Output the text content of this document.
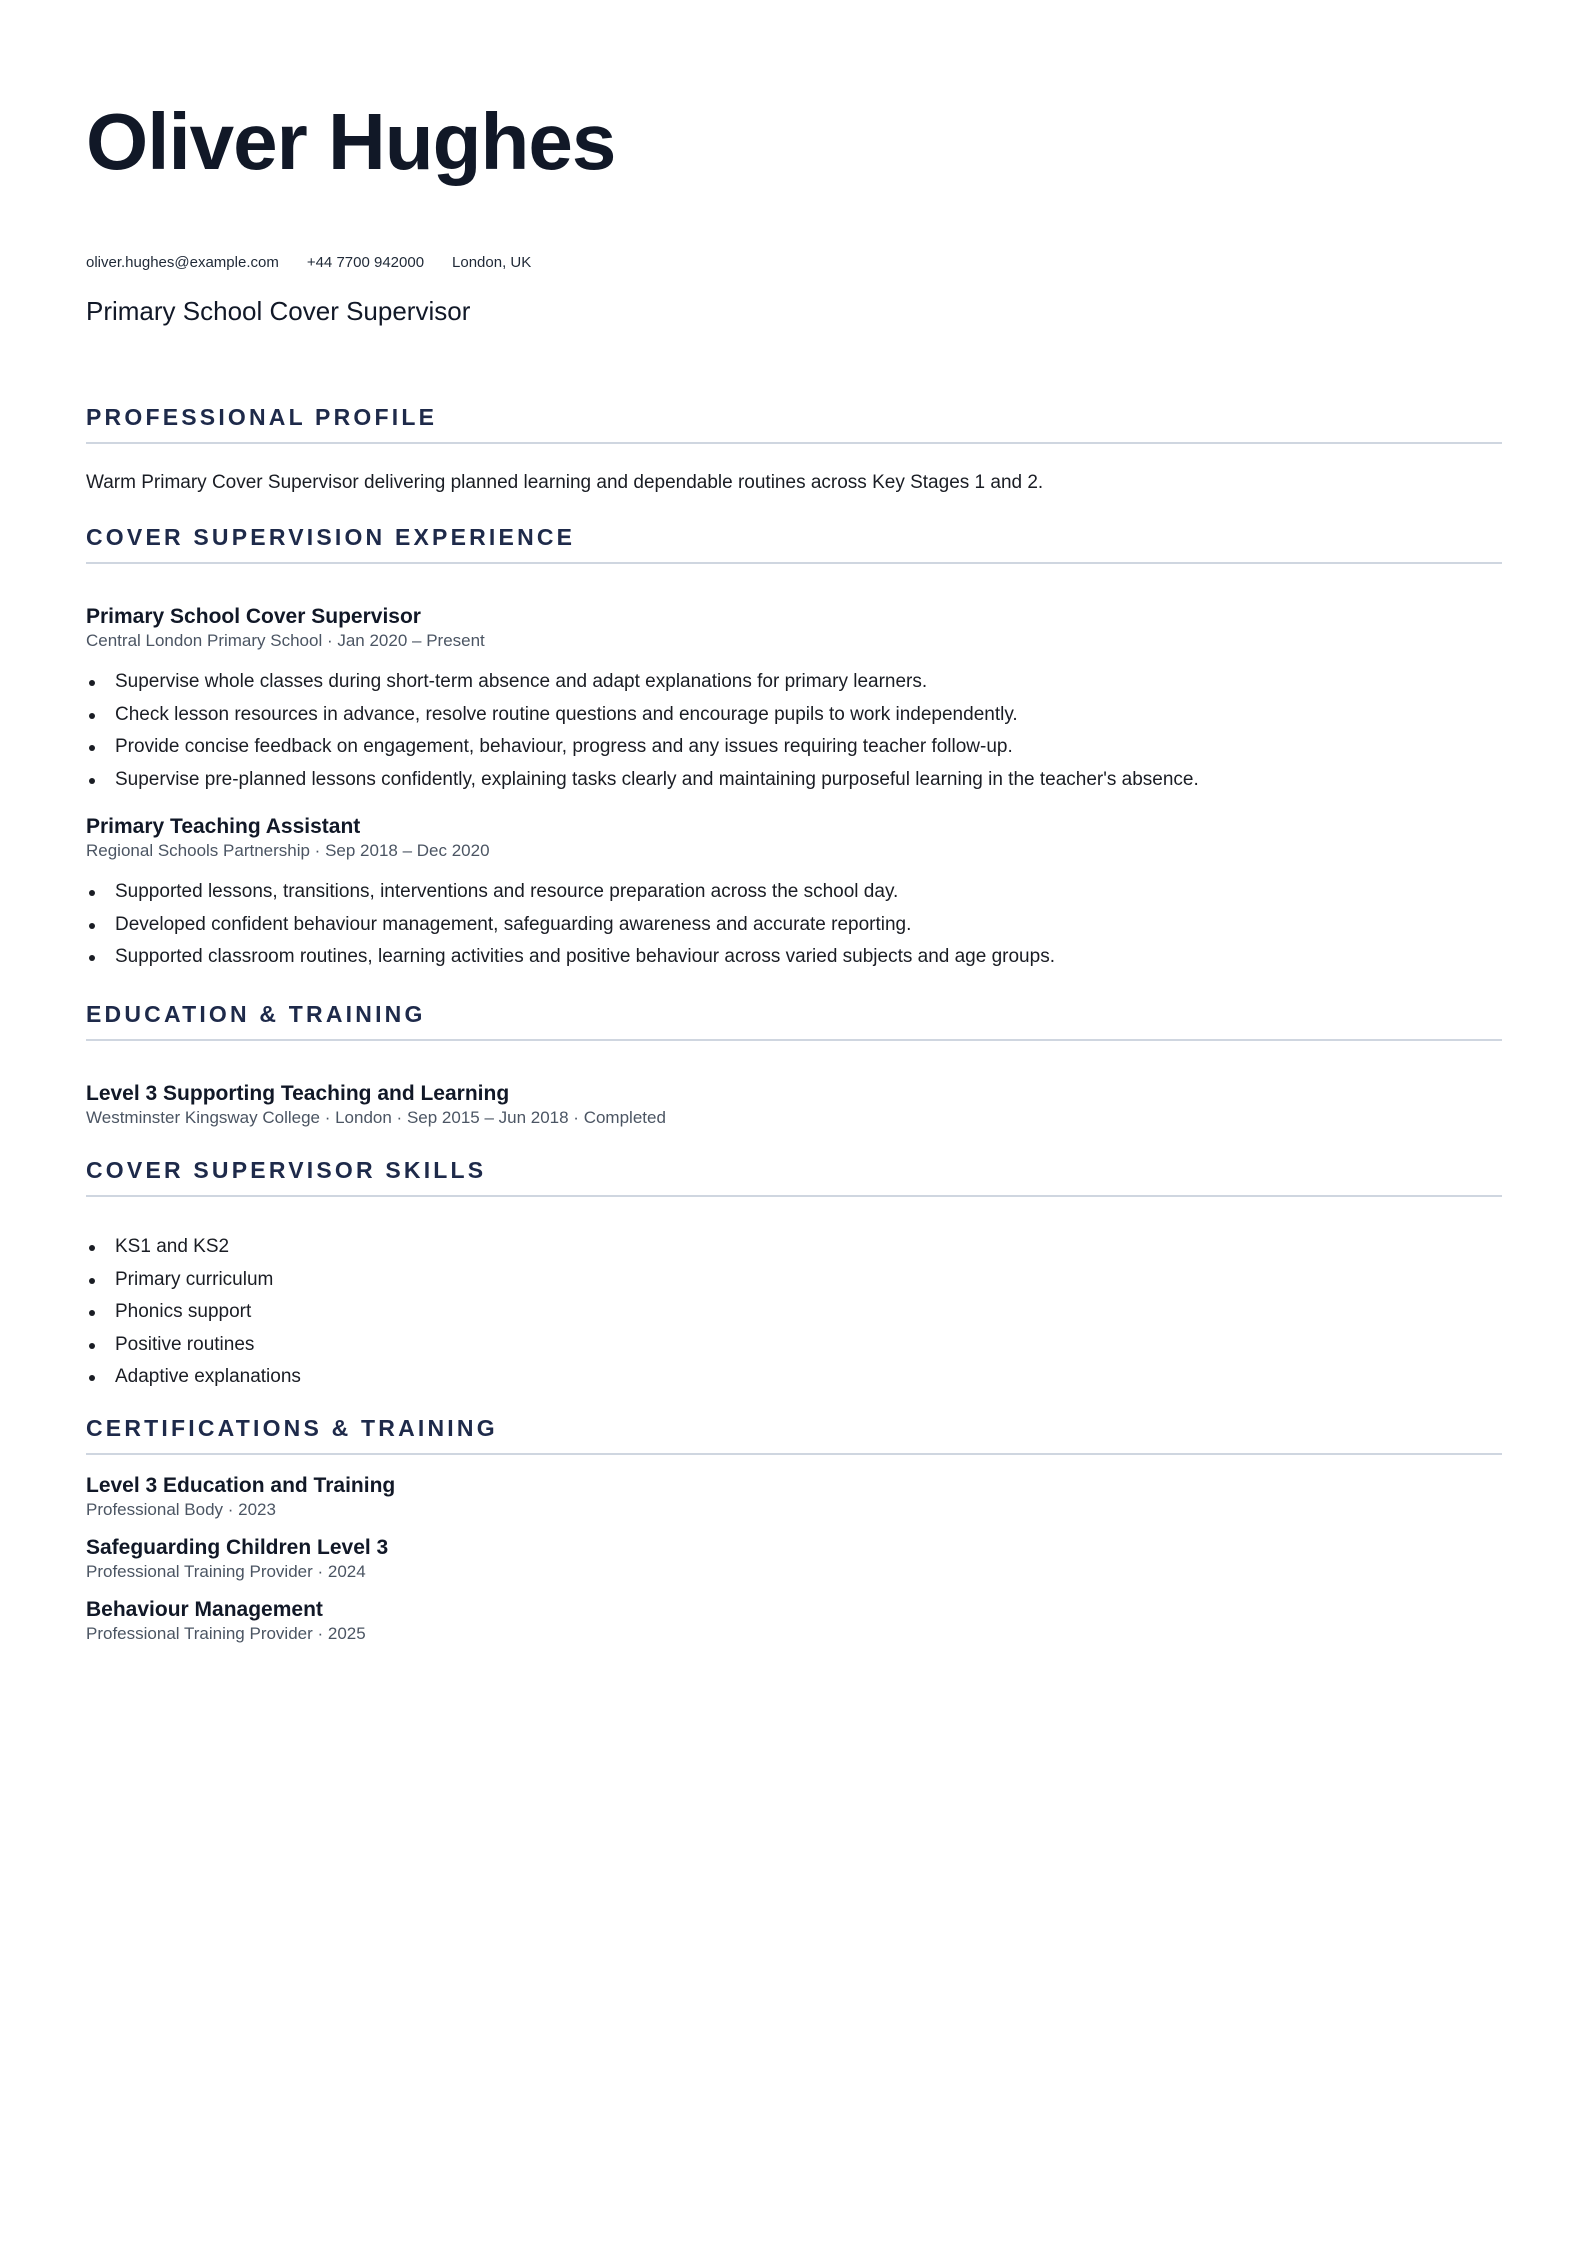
Oliver Hughes
Primary School Cover Supervisor
oliver.hughes@example.com +44 7700 942000 London, UK
PROFESSIONAL PROFILE
Warm Primary Cover Supervisor delivering planned learning and dependable routines across Key Stages 1 and 2.
COVER SUPERVISION EXPERIENCE
Primary School Cover Supervisor
Central London Primary School · Jan 2020 – Present
Supervise whole classes during short-term absence and adapt explanations for primary learners.
Check lesson resources in advance, resolve routine questions and encourage pupils to work independently.
Provide concise feedback on engagement, behaviour, progress and any issues requiring teacher follow-up.
Supervise pre-planned lessons confidently, explaining tasks clearly and maintaining purposeful learning in the teacher's absence.
Primary Teaching Assistant
Regional Schools Partnership · Sep 2018 – Dec 2020
Supported lessons, transitions, interventions and resource preparation across the school day.
Developed confident behaviour management, safeguarding awareness and accurate reporting.
Supported classroom routines, learning activities and positive behaviour across varied subjects and age groups.
EDUCATION & TRAINING
Level 3 Supporting Teaching and Learning
Westminster Kingsway College · London · Sep 2015 – Jun 2018 · Completed
COVER SUPERVISOR SKILLS
KS1 and KS2
Primary curriculum
Phonics support
Positive routines
Adaptive explanations
CERTIFICATIONS & TRAINING
Level 3 Education and Training
Professional Body · 2023
Safeguarding Children Level 3
Professional Training Provider · 2024
Behaviour Management
Professional Training Provider · 2025
